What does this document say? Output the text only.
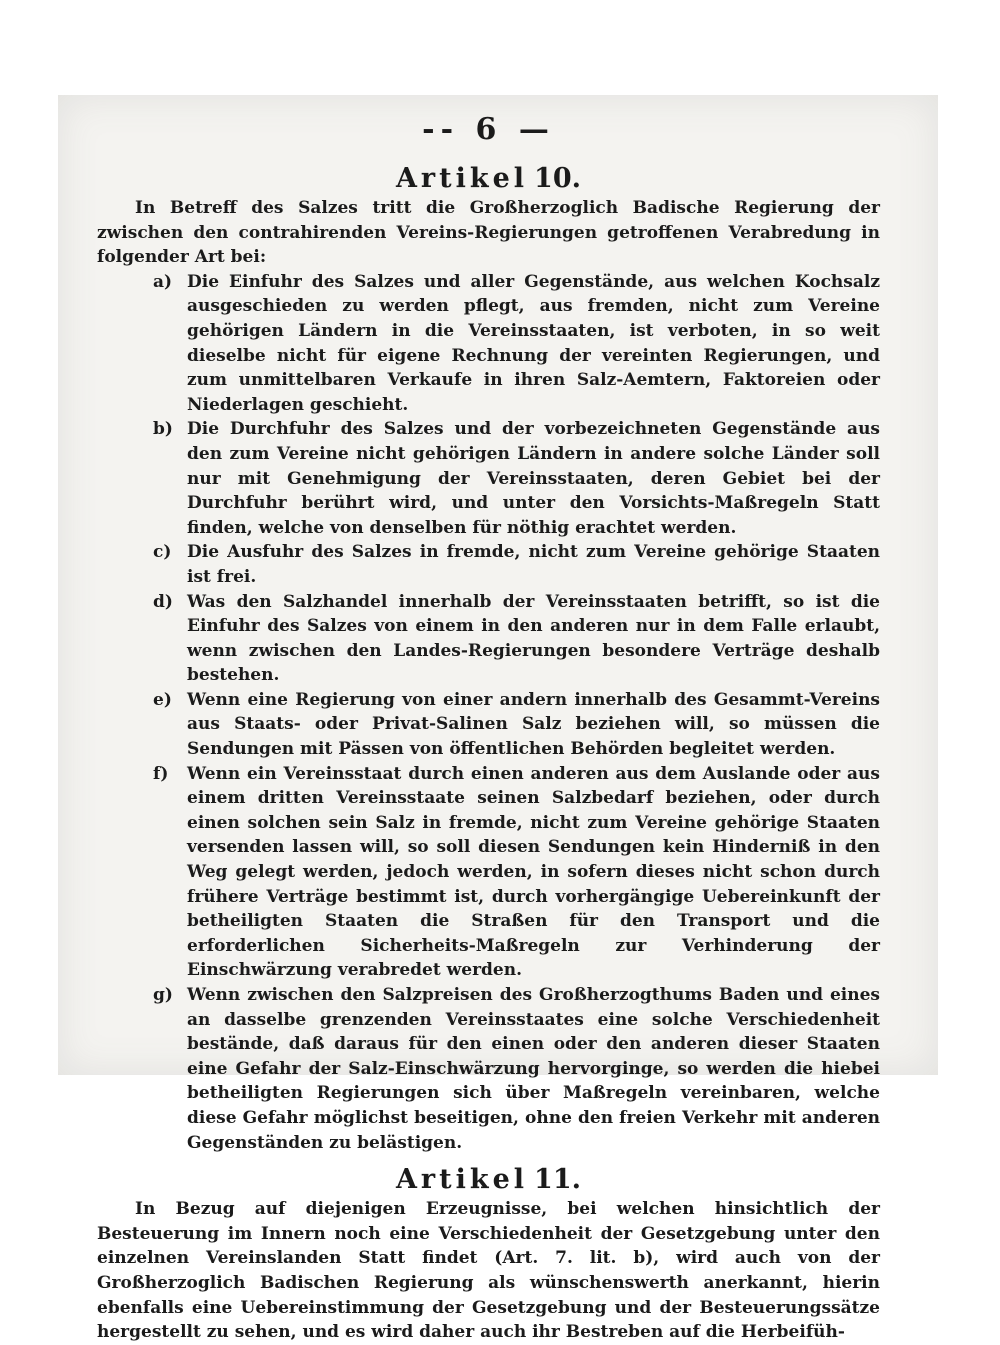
-- 6 —
Artikel 10.

In Betreff des Salzes tritt die Großherzoglich Badische Regierung der zwischen den contrahirenden Vereins-Regierungen getroffenen Verabredung in folgender Art bei:

a) Die Einfuhr des Salzes und aller Gegenstände, aus welchen Kochsalz ausgeschieden zu werden pflegt, aus fremden, nicht zum Vereine gehörigen Ländern in die Vereinsstaaten, ist verboten, in so weit dieselbe nicht für eigene Rechnung der vereinten Regierungen, und zum unmittelbaren Verkaufe in ihren Salz-Aemtern, Faktoreien oder Niederlagen geschieht.
b) Die Durchfuhr des Salzes und der vorbezeichneten Gegenstände aus den zum Vereine nicht gehörigen Ländern in andere solche Länder soll nur mit Genehmigung der Vereinsstaaten, deren Gebiet bei der Durchfuhr berührt wird, und unter den Vorsichts-Maßregeln Statt finden, welche von denselben für nöthig erachtet werden.
c) Die Ausfuhr des Salzes in fremde, nicht zum Vereine gehörige Staaten ist frei.
d) Was den Salzhandel innerhalb der Vereinsstaaten betrifft, so ist die Einfuhr des Salzes von einem in den anderen nur in dem Falle erlaubt, wenn zwischen den Landes-Regierungen besondere Verträge deshalb bestehen.
e) Wenn eine Regierung von einer andern innerhalb des Gesammt-Vereins aus Staats- oder Privat-Salinen Salz beziehen will, so müssen die Sendungen mit Pässen von öffentlichen Behörden begleitet werden.
f) Wenn ein Vereinsstaat durch einen anderen aus dem Auslande oder aus einem dritten Vereinsstaate seinen Salzbedarf beziehen, oder durch einen solchen sein Salz in fremde, nicht zum Vereine gehörige Staaten versenden lassen will, so soll diesen Sendungen kein Hinderniß in den Weg gelegt werden, jedoch werden, in sofern dieses nicht schon durch frühere Verträge bestimmt ist, durch vorhergängige Uebereinkunft der betheiligten Staaten die Straßen für den Transport und die erforderlichen Sicherheits-Maßregeln zur Verhinderung der Einschwärzung verabredet werden.
g) Wenn zwischen den Salzpreisen des Großherzogthums Baden und eines an dasselbe grenzenden Vereinsstaates eine solche Verschiedenheit bestände, daß daraus für den einen oder den anderen dieser Staaten eine Gefahr der Salz-Einschwärzung hervorginge, so werden die hiebei betheiligten Regierungen sich über Maßregeln vereinbaren, welche diese Gefahr möglichst beseitigen, ohne den freien Verkehr mit anderen Gegenständen zu belästigen.
Artikel 11.

In Bezug auf diejenigen Erzeugnisse, bei welchen hinsichtlich der Besteuerung im Innern noch eine Verschiedenheit der Gesetzgebung unter den einzelnen Vereinslanden Statt findet (Art. 7. lit. b), wird auch von der Großherzoglich Badischen Regierung als wünschenswerth anerkannt, hierin ebenfalls eine Uebereinstimmung der Gesetzgebung und der Besteuerungssätze hergestellt zu sehen, und es wird daher auch ihr Bestreben auf die Herbeifüh-
